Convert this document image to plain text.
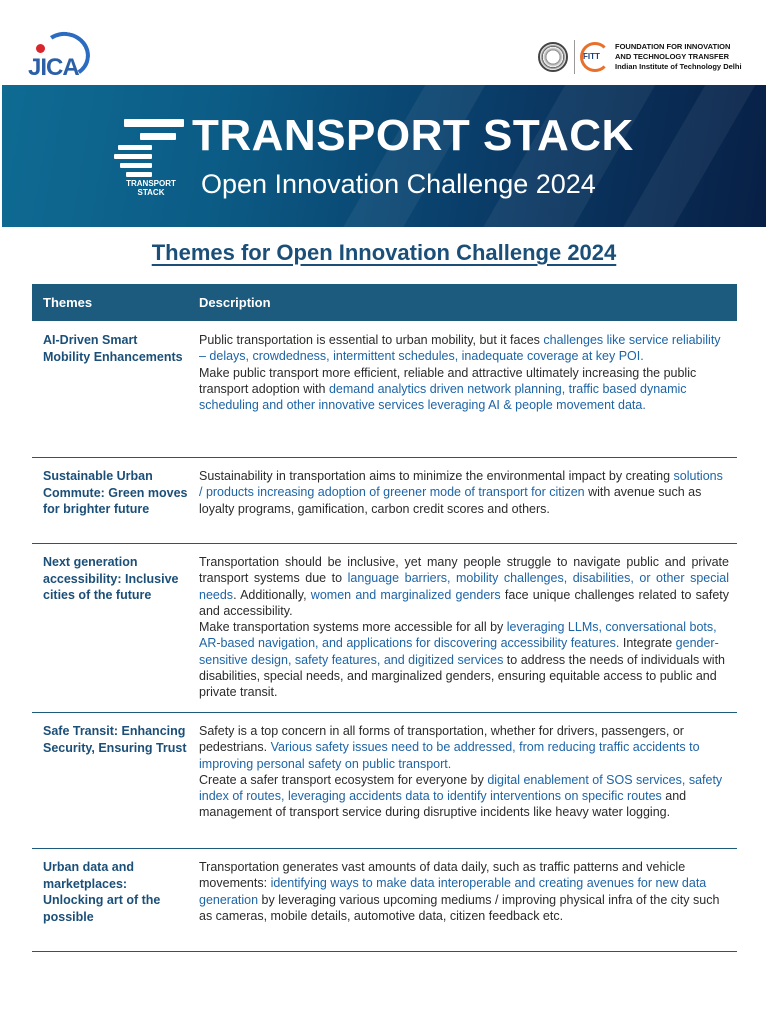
JICA	FITT
FOUNDATION FOR INNOVATION
AND TECHNOLOGY TRANSFER
Indian Institute of Technology Delhi
TRANSPORT
STACK
TRANSPORT STACK
Open Innovation Challenge 2024
Themes for Open Innovation Challenge 2024
Themes	Description
AI-Driven Smart Mobility Enhancements

Public transportation is essential to urban mobility, but it faces challenges like service reliability – delays, crowdedness, intermittent schedules, inadequate coverage at key POI.

Make public transport more efficient, reliable and attractive ultimately increasing the public transport adoption with demand analytics driven network planning, traffic based dynamic scheduling and other innovative services leveraging AI & people movement data.

Sustainable Urban Commute: Green moves for brighter future

Sustainability in transportation aims to minimize the environmental impact by creating solutions / products increasing adoption of greener mode of transport for citizen with avenue such as loyalty programs, gamification, carbon credit scores and others.

Next generation accessibility: Inclusive cities of the future

Transportation should be inclusive, yet many people struggle to navigate public and private transport systems due to language barriers, mobility challenges, disabilities, or other special needs. Additionally, women and marginalized genders face unique challenges related to safety and accessibility.

Make transportation systems more accessible for all by leveraging LLMs, conversational bots, AR-based navigation, and applications for discovering accessibility features. Integrate gender-sensitive design, safety features, and digitized services to address the needs of individuals with disabilities, special needs, and marginalized genders, ensuring equitable access to public and private transit.

Safe Transit: Enhancing Security, Ensuring Trust

Safety is a top concern in all forms of transportation, whether for drivers, passengers, or pedestrians. Various safety issues need to be addressed, from reducing traffic accidents to improving personal safety on public transport.

Create a safer transport ecosystem for everyone by digital enablement of SOS services, safety index of routes, leveraging accidents data to identify interventions on specific routes and management of transport service during disruptive incidents like heavy water logging.

Urban data and marketplaces: Unlocking art of the possible

Transportation generates vast amounts of data daily, such as traffic patterns and vehicle movements: identifying ways to make data interoperable and creating avenues for new data generation by leveraging various upcoming mediums / improving physical infra of the city such as cameras, mobile details, automotive data, citizen feedback etc.
